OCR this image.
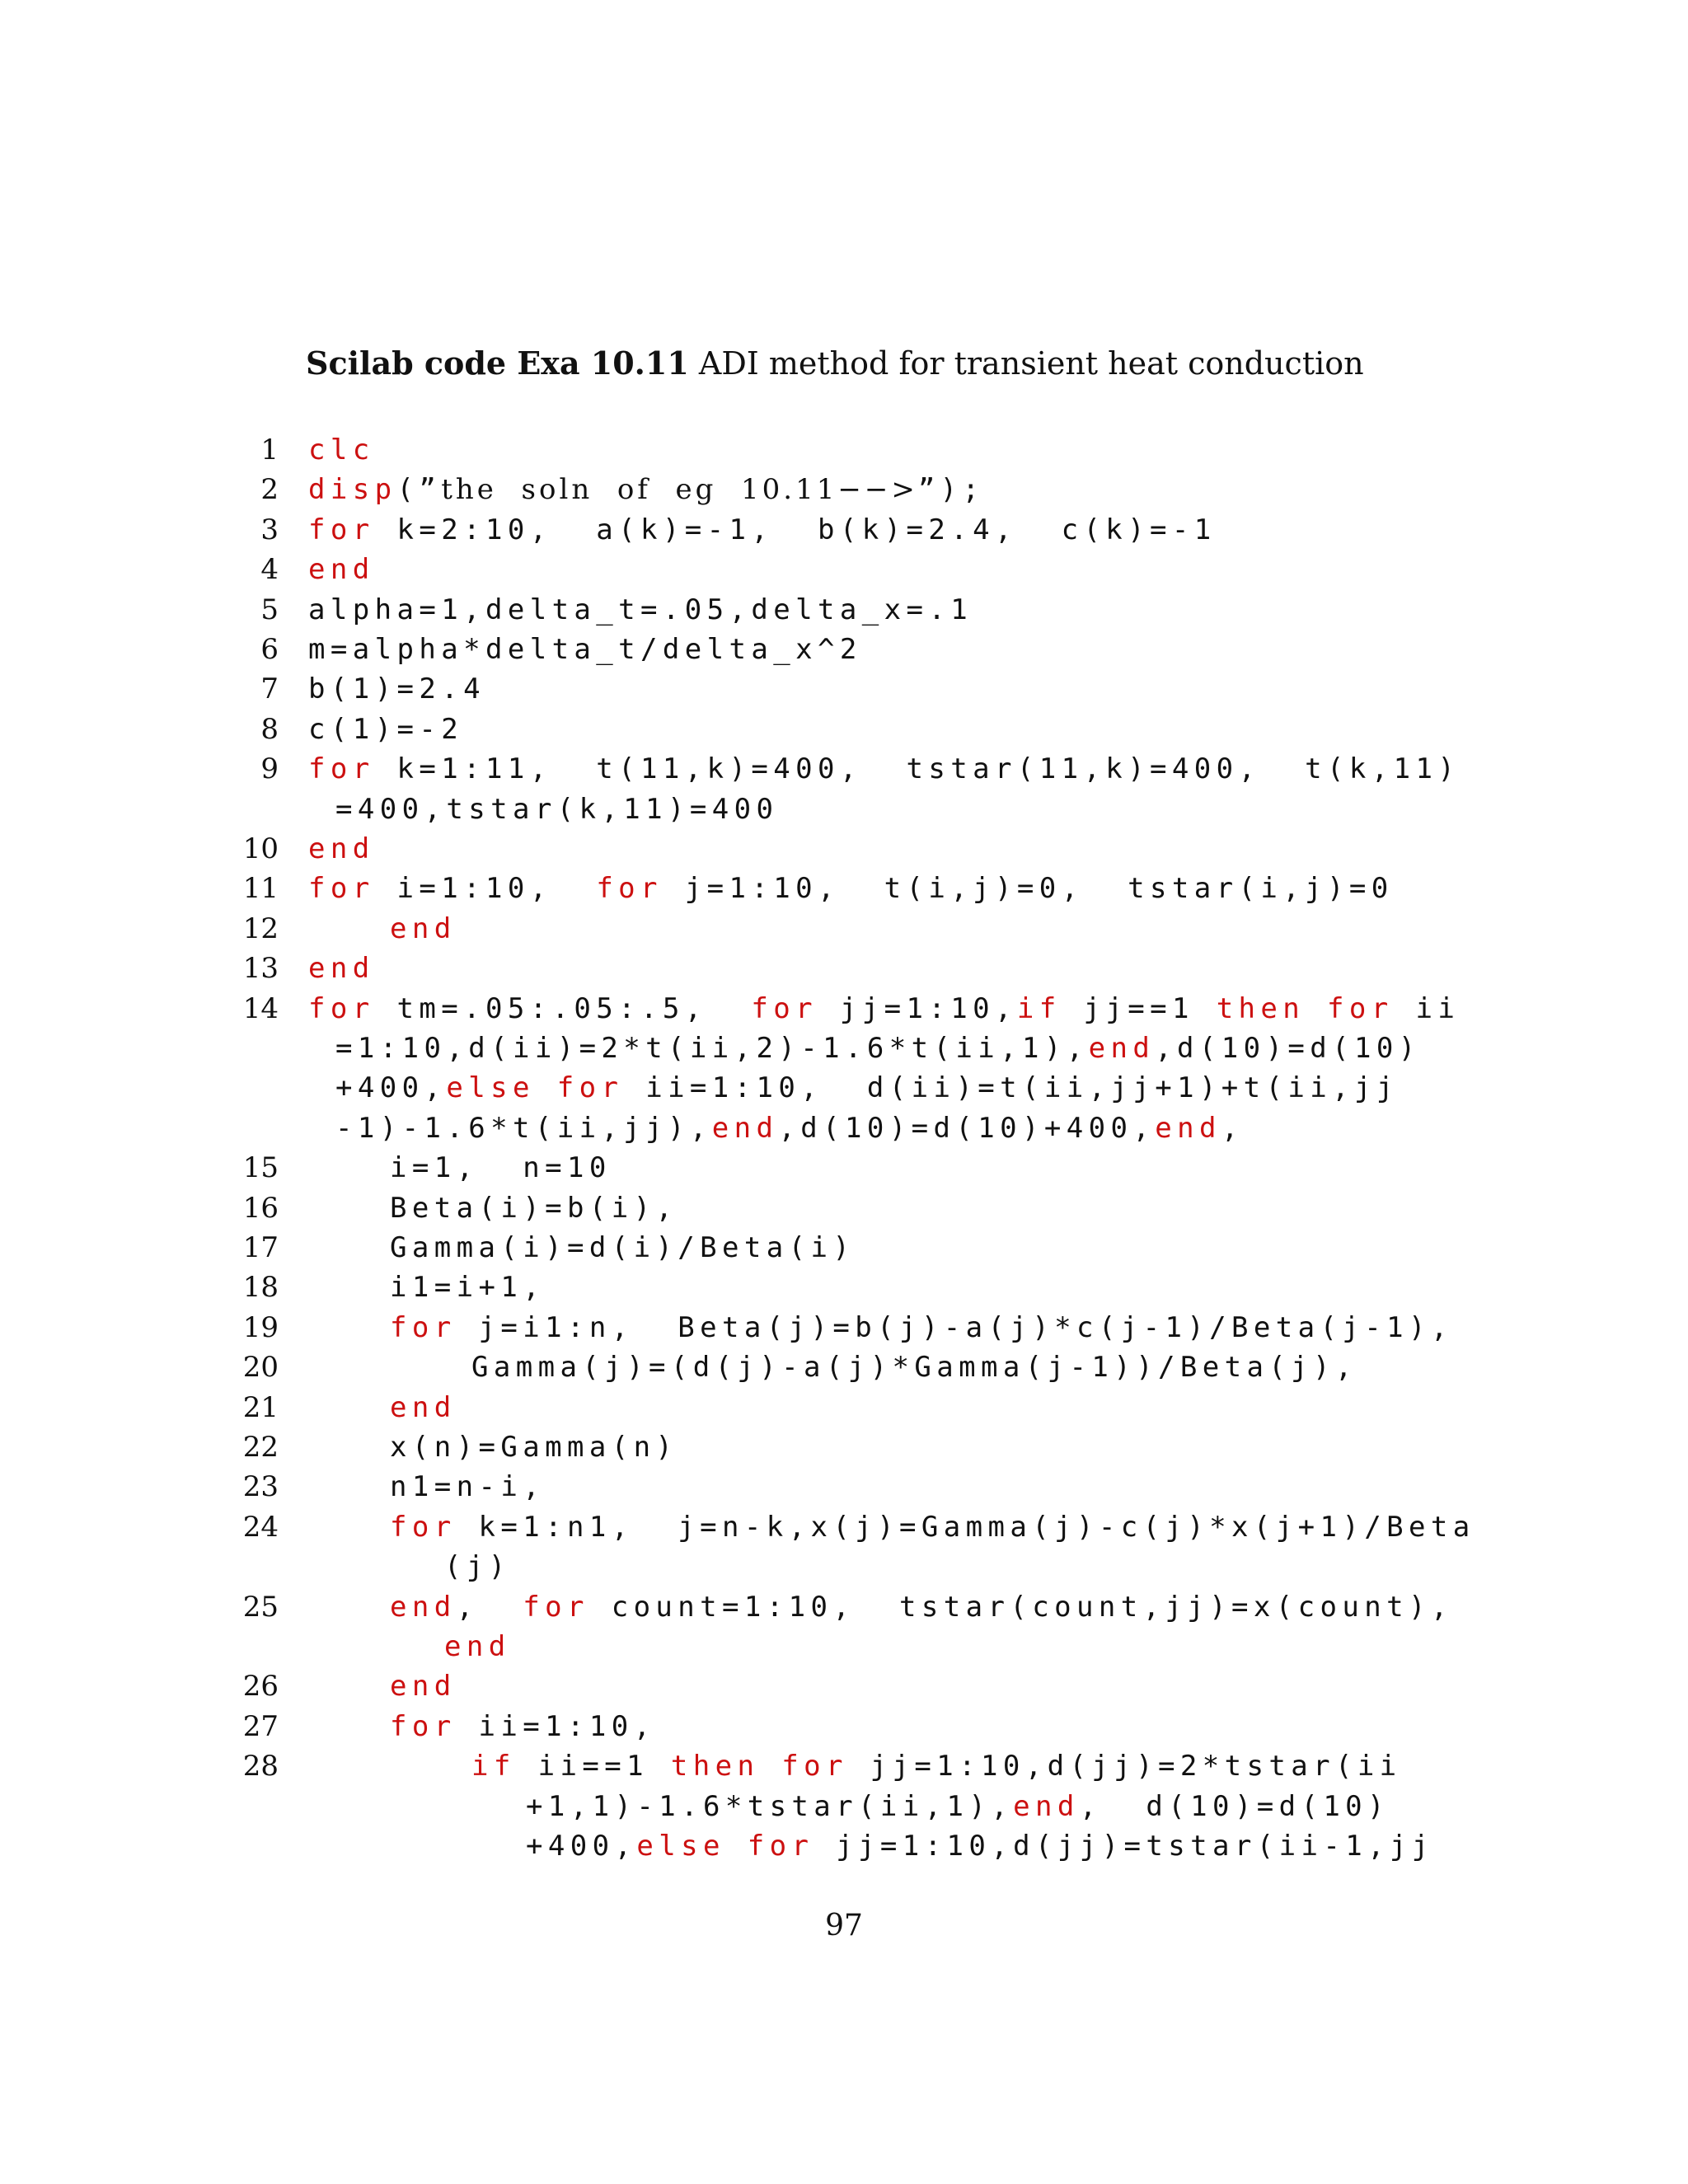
Scilab code Exa 10.11 ADI method for transient heat conduction
1 clc
2 disp(”the  soln  of  eg  10.11−−>”);
3 for k=2:10,  a(k)=-1,  b(k)=2.4,  c(k)=-1
4 end
5 alpha=1,delta_t=.05,delta_x=.1
6 m=alpha*delta_t/delta_x^2
7 b(1)=2.4
8 c(1)=-2
9 for k=1:11,  t(11,k)=400,  tstar(11,k)=400,  t(k,11)
=400,tstar(k,11)=400
10 end
11 for i=1:10,  for j=1:10,  t(i,j)=0,  tstar(i,j)=0
12	end
13 end
14 for tm=.05:.05:.5,  for jj=1:10,if jj==1 then for ii
=1:10,d(ii)=2*t(ii,2)-1.6*t(ii,1),end,d(10)=d(10)
+400,else for ii=1:10,  d(ii)=t(ii,jj+1)+t(ii,jj
-1)-1.6*t(ii,jj),end,d(10)=d(10)+400,end,
15	i=1,  n=10
16	Beta(i)=b(i),
17	Gamma(i)=d(i)/Beta(i)
18	i1=i+1,
19	for j=i1:n,  Beta(j)=b(j)-a(j)*c(j-1)/Beta(j-1),
20	Gamma(j)=(d(j)-a(j)*Gamma(j-1))/Beta(j),
21	end
22	x(n)=Gamma(n)
23	n1=n-i,
24	for k=1:n1,  j=n-k,x(j)=Gamma(j)-c(j)*x(j+1)/Beta
(j)
25	end,  for count=1:10,  tstar(count,jj)=x(count),
end
26	end
27	for ii=1:10,
28	if ii==1 then for jj=1:10,d(jj)=2*tstar(ii
+1,1)-1.6*tstar(ii,1),end,  d(10)=d(10)
+400,else for jj=1:10,d(jj)=tstar(ii-1,jj
97
